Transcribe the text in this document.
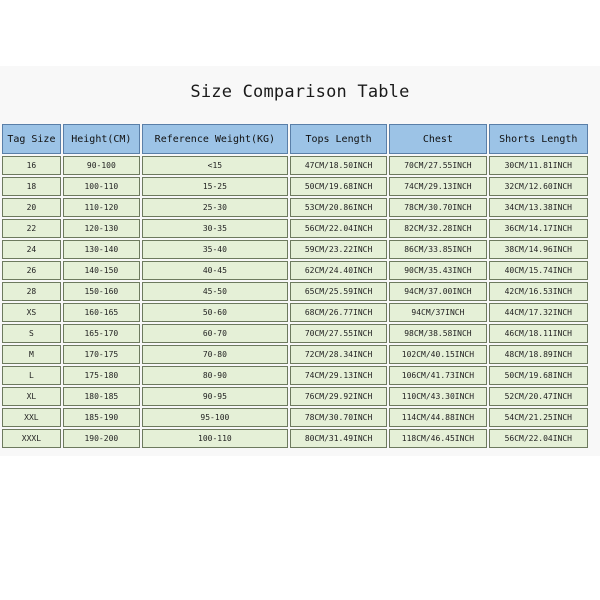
Size Comparison Table
Tag Size	Height(CM)	Reference Weight(KG)	Tops Length	Chest	Shorts Length
16	90-100	<15	47CM/18.50INCH	70CM/27.55INCH	30CM/11.81INCH
18	100-110	15-25	50CM/19.68INCH	74CM/29.13INCH	32CM/12.60INCH
20	110-120	25-30	53CM/20.86INCH	78CM/30.70INCH	34CM/13.38INCH
22	120-130	30-35	56CM/22.04INCH	82CM/32.28INCH	36CM/14.17INCH
24	130-140	35-40	59CM/23.22INCH	86CM/33.85INCH	38CM/14.96INCH
26	140-150	40-45	62CM/24.40INCH	90CM/35.43INCH	40CM/15.74INCH
28	150-160	45-50	65CM/25.59INCH	94CM/37.00INCH	42CM/16.53INCH
XS	160-165	50-60	68CM/26.77INCH	94CM/37INCH	44CM/17.32INCH
S	165-170	60-70	70CM/27.55INCH	98CM/38.58INCH	46CM/18.11INCH
M	170-175	70-80	72CM/28.34INCH	102CM/40.15INCH	48CM/18.89INCH
L	175-180	80-90	74CM/29.13INCH	106CM/41.73INCH	50CM/19.68INCH
XL	180-185	90-95	76CM/29.92INCH	110CM/43.30INCH	52CM/20.47INCH
XXL	185-190	95-100	78CM/30.70INCH	114CM/44.88INCH	54CM/21.25INCH
XXXL	190-200	100-110	80CM/31.49INCH	118CM/46.45INCH	56CM/22.04INCH
